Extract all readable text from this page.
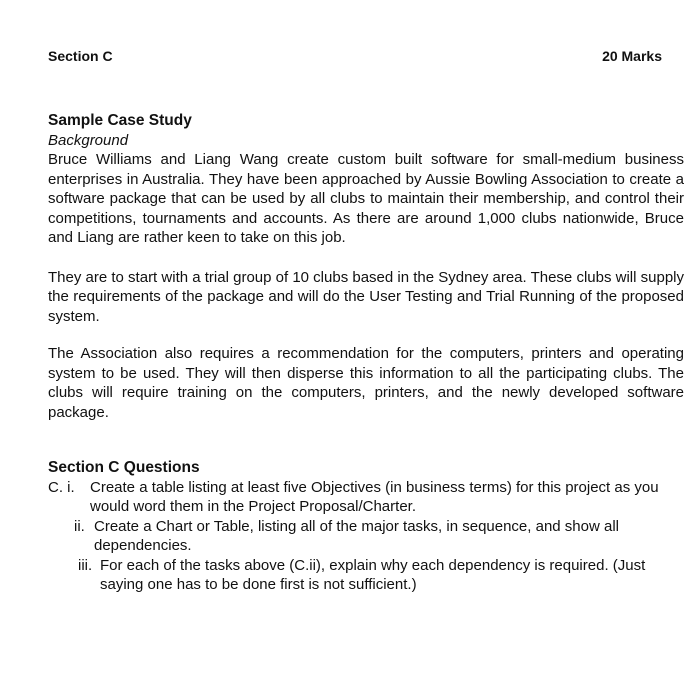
Section C	20 Marks
Sample Case Study
Background

Bruce Williams and Liang Wang create custom built software for small-medium business enterprises in Australia. They have been approached by Aussie Bowling Association to create a software package that can be used by all clubs to maintain their membership, and control their competitions, tournaments and accounts. As there are around 1,000 clubs nationwide, Bruce and Liang are rather keen to take on this job.

They are to start with a trial group of 10 clubs based in the Sydney area. These clubs will supply the requirements of the package and will do the User Testing and Trial Running of the proposed system.

The Association also requires a recommendation for the computers, printers and operating system to be used. They will then disperse this information to all the participating clubs. The clubs will require training on the computers, printers, and the newly developed software package.

Section C Questions
C. i.	Create a table listing at least five Objectives (in business terms) for this project as you would word them in the Project Proposal/Charter.
ii. Create a Chart or Table, listing all of the major tasks, in sequence, and show all dependencies.
iii. For each of the tasks above (C.ii), explain why each dependency is required. (Just saying one has to be done first is not sufficient.)
